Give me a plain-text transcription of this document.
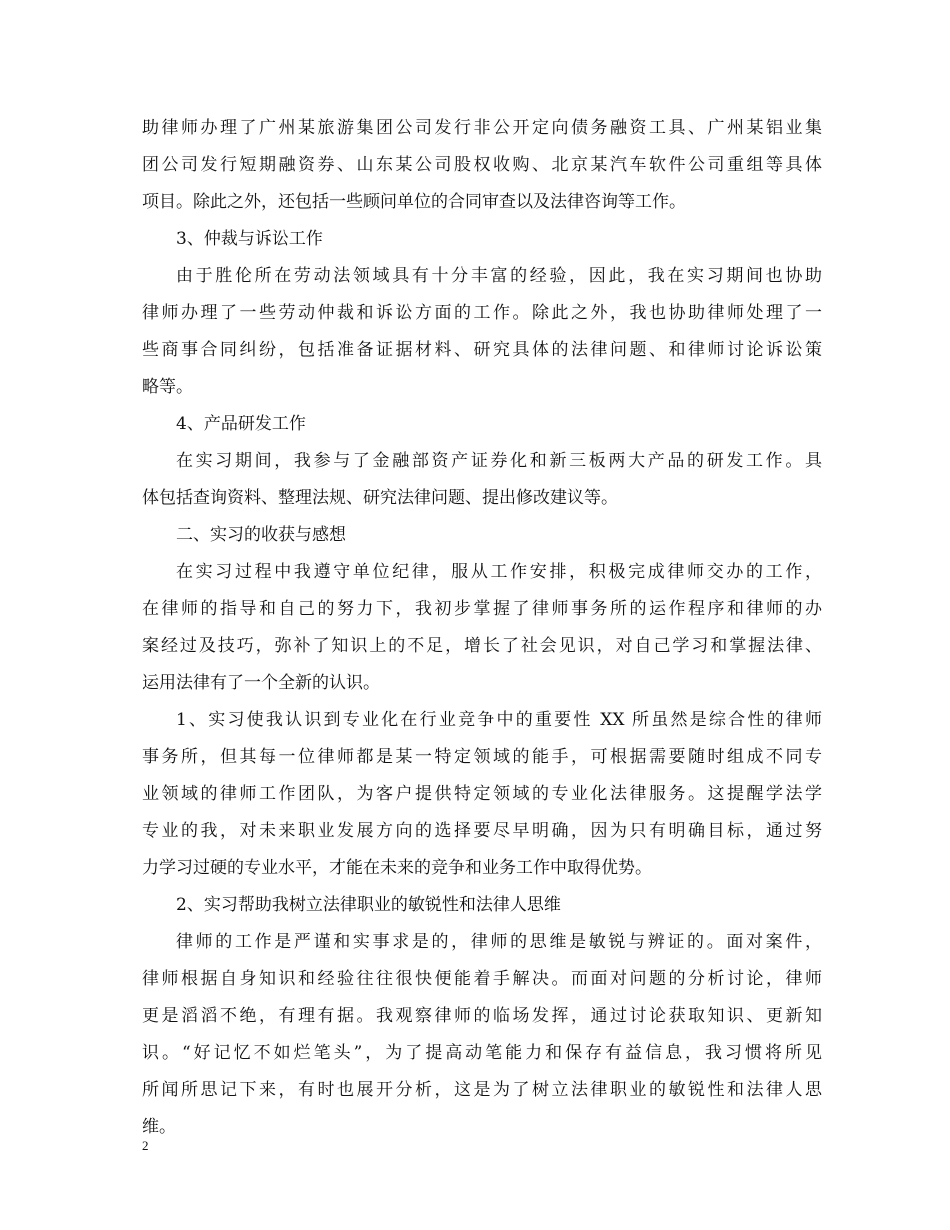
助律师办理了广州某旅游集团公司发行非公开定向债务融资工具、广州某铝业集
团公司发行短期融资券、山东某公司股权收购、北京某汽车软件公司重组等具体
项目。除此之外，还包括一些顾问单位的合同审查以及法律咨询等工作。
3、仲裁与诉讼工作
由于胜伦所在劳动法领域具有十分丰富的经验，因此，我在实习期间也协助
律师办理了一些劳动仲裁和诉讼方面的工作。除此之外，我也协助律师处理了一
些商事合同纠纷，包括准备证据材料、研究具体的法律问题、和律师讨论诉讼策
略等。
4、产品研发工作
在实习期间，我参与了金融部资产证券化和新三板两大产品的研发工作。具
体包括查询资料、整理法规、研究法律问题、提出修改建议等。
二、实习的收获与感想
在实习过程中我遵守单位纪律，服从工作安排，积极完成律师交办的工作，
在律师的指导和自己的努力下，我初步掌握了律师事务所的运作程序和律师的办
案经过及技巧，弥补了知识上的不足，增长了社会见识，对自己学习和掌握法律、
运用法律有了一个全新的认识。
1、实习使我认识到专业化在行业竞争中的重要性 XX 所虽然是综合性的律师
事务所，但其每一位律师都是某一特定领域的能手，可根据需要随时组成不同专
业领域的律师工作团队，为客户提供特定领域的专业化法律服务。这提醒学法学
专业的我，对未来职业发展方向的选择要尽早明确，因为只有明确目标，通过努
力学习过硬的专业水平，才能在未来的竞争和业务工作中取得优势。
2、实习帮助我树立法律职业的敏锐性和法律人思维
律师的工作是严谨和实事求是的，律师的思维是敏锐与辨证的。面对案件，
律师根据自身知识和经验往往很快便能着手解决。而面对问题的分析讨论，律师
更是滔滔不绝，有理有据。我观察律师的临场发挥，通过讨论获取知识、更新知
识。“好记忆不如烂笔头”，为了提高动笔能力和保存有益信息，我习惯将所见
所闻所思记下来，有时也展开分析，这是为了树立法律职业的敏锐性和法律人思
维。
2
